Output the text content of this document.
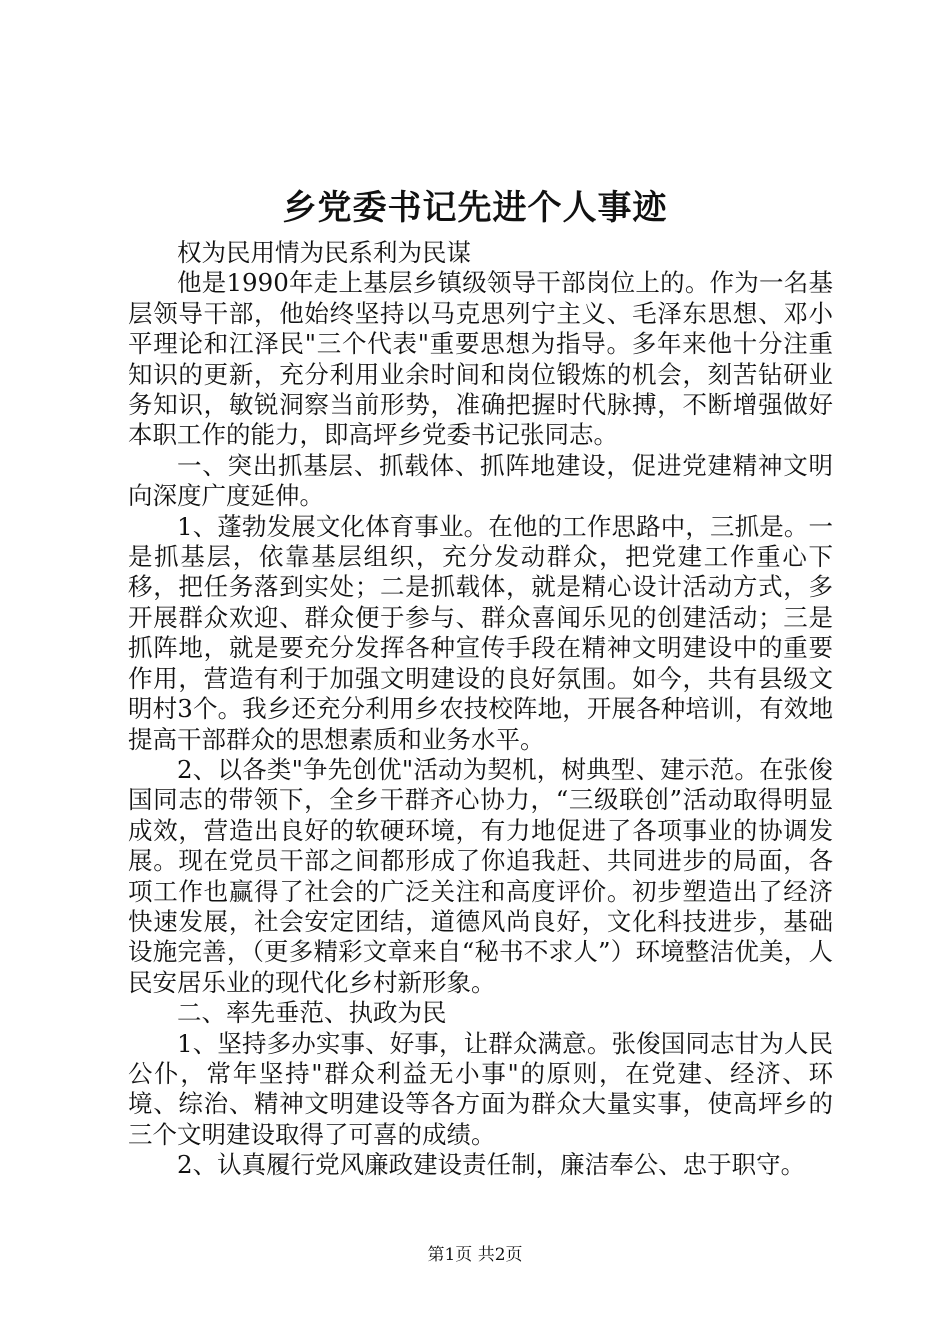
乡党委书记先进个人事迹

权为民用情为民系利为民谋

他是1990年走上基层乡镇级领导干部岗位上的。作为一名基层领导干部，他始终坚持以马克思列宁主义、毛泽东思想、邓小平理论和江泽民"三个代表"重要思想为指导。多年来他十分注重知识的更新，充分利用业余时间和岗位锻炼的机会，刻苦钻研业务知识，敏锐洞察当前形势，准确把握时代脉搏，不断增强做好本职工作的能力，即高坪乡党委书记张同志。

一、突出抓基层、抓载体、抓阵地建设，促进党建精神文明向深度广度延伸。

1、蓬勃发展文化体育事业。在他的工作思路中，三抓是。一是抓基层，依靠基层组织，充分发动群众，把党建工作重心下移，把任务落到实处；二是抓载体，就是精心设计活动方式，多开展群众欢迎、群众便于参与、群众喜闻乐见的创建活动；三是抓阵地，就是要充分发挥各种宣传手段在精神文明建设中的重要作用，营造有利于加强文明建设的良好氛围。如今，共有县级文明村3个。我乡还充分利用乡农技校阵地，开展各种培训，有效地提高干部群众的思想素质和业务水平。

2、以各类"争先创优"活动为契机，树典型、建示范。在张俊国同志的带领下，全乡干群齐心协力，“三级联创”活动取得明显成效，营造出良好的软硬环境，有力地促进了各项事业的协调发展。现在党员干部之间都形成了你追我赶、共同进步的局面，各项工作也赢得了社会的广泛关注和高度评价。初步塑造出了经济快速发展，社会安定团结，道德风尚良好，文化科技进步，基础设施完善，（更多精彩文章来自“秘书不求人”）环境整洁优美，人民安居乐业的现代化乡村新形象。

二、率先垂范、执政为民

1、坚持多办实事、好事，让群众满意。张俊国同志甘为人民公仆，常年坚持"群众利益无小事"的原则，在党建、经济、环境、综治、精神文明建设等各方面为群众大量实事，使高坪乡的三个文明建设取得了可喜的成绩。

2、认真履行党风廉政建设责任制，廉洁奉公、忠于职守。

第1页 共2页
